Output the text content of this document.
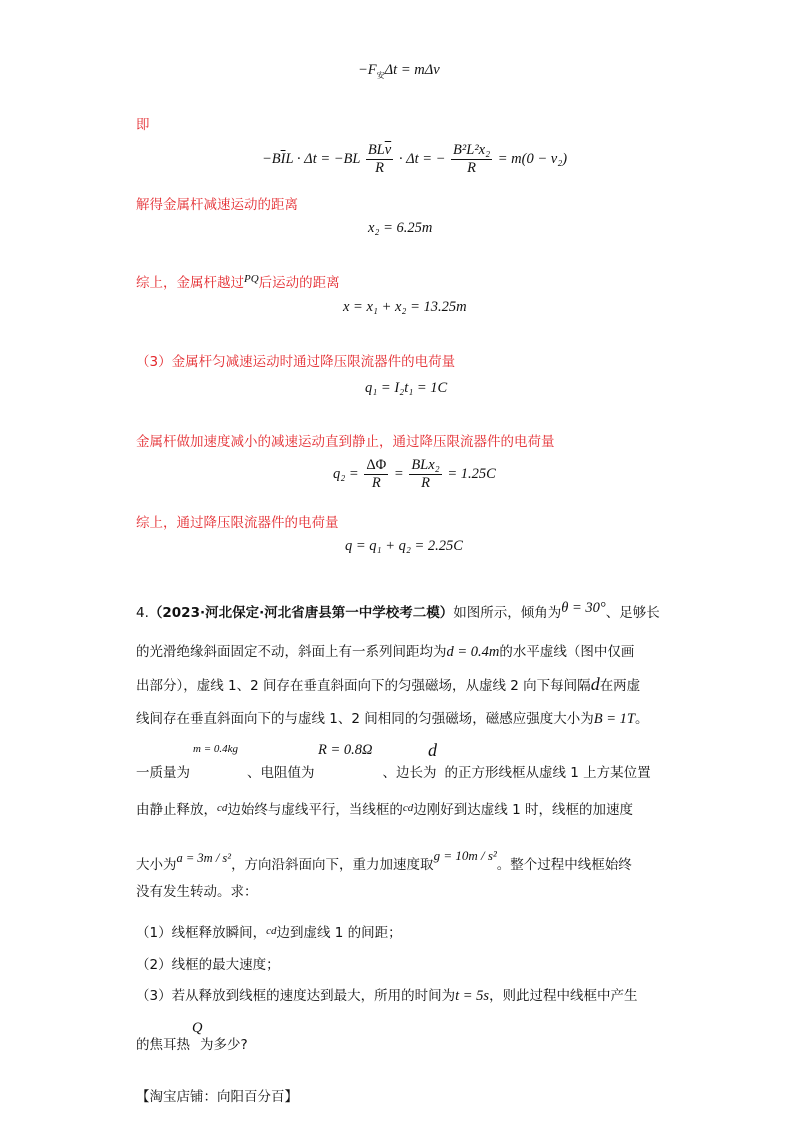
$-F_安\Delta t = m\Delta v$
即
$-B\overline{I}L \cdot \Delta t = -BL \frac{BL\overline{v}}{R} \cdot \Delta t$ = − $\frac{\text{B²L²x₂}}{R} = m(0 - v_2)$
解得金属杆减速运动的距离
x₂ = 6.25m
综上，金属杆越过$^{PQ}$后运动的距离
x = x₁ + x₂ = 13.25m
（3）金属杆匀减速运动时通过降压限流器件的电荷量
q₁ = I₂t₁ = 1C
金属杆做加速度减小的减速运动直到静止，通过降压限流器件的电荷量
$q_2 = \frac{\Delta\Phi}{R} = \frac{\text{BLx₂}}{R} = 1.25C$
综上，通过降压限流器件的电荷量
q = q₁ + q₂ = 2.25C
4.（2023·河北保定·河北省唐县第一中学校考二模）如图所示，倾角为θ = 30°、足够长
的光滑绝缘斜面固定不动，斜面上有一系列间距均为d = 0.4m的水平虚线（图中仅画
出部分），虚线 1、2 间存在垂直斜面向下的匀强磁场，从虚线 2 向下每间隔d在两虚
线间存在垂直斜面向下的与虚线 1、2 间相同的匀强磁场，磁感应强度大小为B = 1T。
m = 0.4kg	R = 0.8Ω	d
一质量为	、电阻值为	、边长为 的正方形线框从虚线 1 上方某位置
由静止释放，$^{cd}$边始终与虚线平行，当线框的$^{cd}$边刚好到达虚线 1 时，线框的加速度
大小为a = 3m / s²，方向沿斜面向下，重力加速度取g = 10m / s²。整个过程中线框始终
没有发生转动。求：
（1）线框释放瞬间，$^{cd}$边到虚线 1 的间距；
（2）线框的最大速度；
（3）若从释放到线框的速度达到最大，所用的时间为t = 5s，则此过程中线框中产生
Q
的焦耳热 为多少?
【淘宝店铺：向阳百分百】
